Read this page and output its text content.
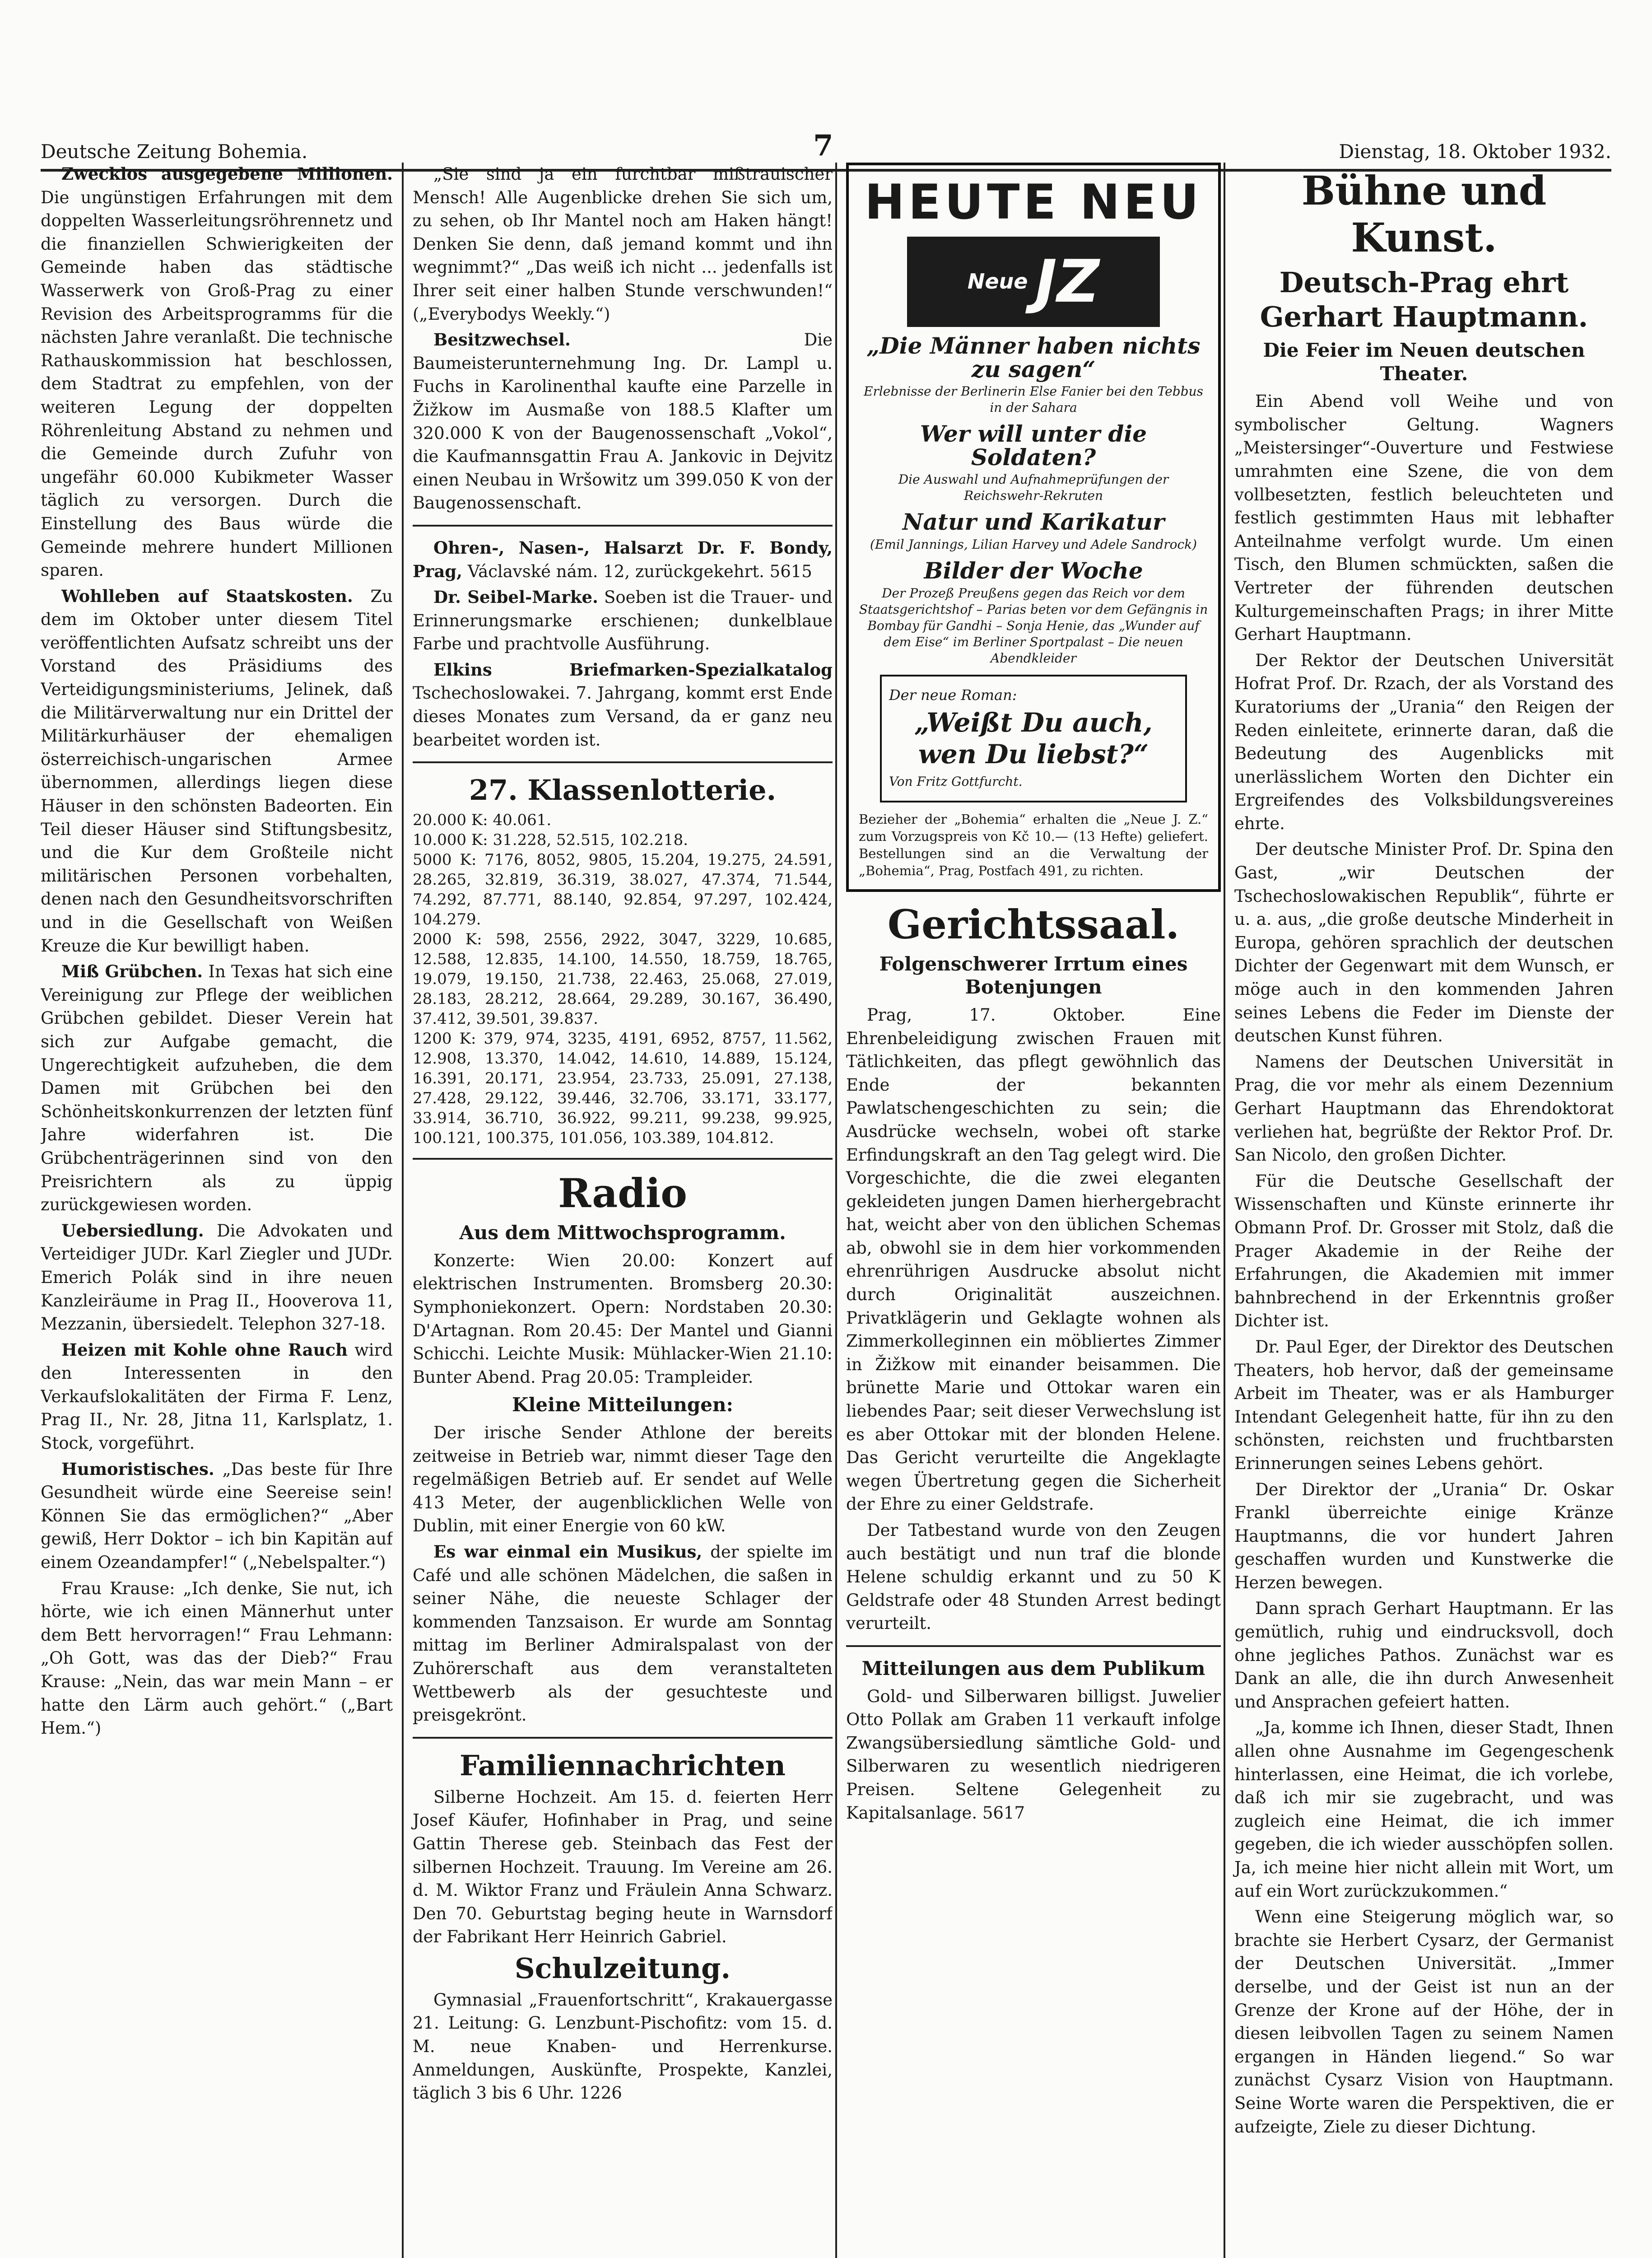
Deutsche Zeitung Bohemia.	7	Dienstag, 18. Oktober 1932.

Zwecklos ausgegebene Millionen. Die ungünstigen Erfahrungen mit dem doppelten Wasserleitungsröhrennetz und die finanziellen Schwierigkeiten der Gemeinde haben das städtische Wasserwerk von Groß-Prag zu einer Revision des Arbeitsprogramms für die nächsten Jahre veranlaßt. Die technische Rathauskommission hat beschlossen, dem Stadtrat zu empfehlen, von der weiteren Legung der doppelten Röhrenleitung Abstand zu nehmen und die Gemeinde durch Zufuhr von ungefähr 60.000 Kubikmeter Wasser täglich zu versorgen. Durch die Einstellung des Baus würde die Gemeinde mehrere hundert Millionen sparen.

Wohlleben auf Staatskosten. Zu dem im Oktober unter diesem Titel veröffentlichten Aufsatz schreibt uns der Vorstand des Präsidiums des Verteidigungsministeriums, Jelinek, daß die Militärverwaltung nur ein Drittel der Militärkurhäuser der ehemaligen österreichisch-ungarischen Armee übernommen, allerdings liegen diese Häuser in den schönsten Badeorten. Ein Teil dieser Häuser sind Stiftungsbesitz, und die Kur dem Großteile nicht militärischen Personen vorbehalten, denen nach den Gesundheitsvorschriften und in die Gesellschaft von Weißen Kreuze die Kur bewilligt haben.

Miß Grübchen. In Texas hat sich eine Vereinigung zur Pflege der weiblichen Grübchen gebildet. Dieser Verein hat sich zur Aufgabe gemacht, die Ungerechtigkeit aufzuheben, die dem Damen mit Grübchen bei den Schönheitskonkurrenzen der letzten fünf Jahre widerfahren ist. Die Grübchenträgerinnen sind von den Preisrichtern als zu üppig zurückgewiesen worden.

Uebersiedlung. Die Advokaten und Verteidiger JUDr. Karl Ziegler und JUDr. Emerich Polák sind in ihre neuen Kanzleiräume in Prag II., Hooverova 11, Mezzanin, übersiedelt. Telephon 327-18.

Heizen mit Kohle ohne Rauch wird den Interessenten in den Verkaufslokalitäten der Firma F. Lenz, Prag II., Nr. 28, Jitna 11, Karlsplatz, 1. Stock, vorgeführt.

Humoristisches. „Das beste für Ihre Gesundheit würde eine Seereise sein! Können Sie das ermöglichen?“ „Aber gewiß, Herr Doktor – ich bin Kapitän auf einem Ozeandampfer!“ („Nebelspalter.“)

Frau Krause: „Ich denke, Sie nut, ich hörte, wie ich einen Männerhut unter dem Bett hervorragen!“ Frau Lehmann: „Oh Gott, was das der Dieb?“ Frau Krause: „Nein, das war mein Mann – er hatte den Lärm auch gehört.“ („Bart Hem.“)

„Sie sind ja ein furchtbar mißtrauischer Mensch! Alle Augenblicke drehen Sie sich um, zu sehen, ob Ihr Mantel noch am Haken hängt! Denken Sie denn, daß jemand kommt und ihn wegnimmt?“ „Das weiß ich nicht ... jedenfalls ist Ihrer seit einer halben Stunde verschwunden!“ („Everybodys Weekly.“)

Besitzwechsel.	Die Baumeisterunternehmung Ing. Dr. Lampl u. Fuchs in Karolinenthal kaufte eine Parzelle in Žižkow im Ausmaße von 188.5 Klafter um 320.000 K von der Baugenossenschaft „Vokol“, die Kaufmannsgattin Frau A. Jankovic in Dejvitz einen Neubau in Wršowitz um 399.050 K von der Baugenossenschaft.

Ohren-, Nasen-, Halsarzt Dr. F. Bondy, Prag, Václavské nám. 12, zurückgekehrt. 5615

Dr. Seibel-Marke. Soeben ist die Trauer- und Erinnerungsmarke erschienen; dunkelblaue Farbe und prachtvolle Ausführung.

Elkins Briefmarken-Spezialkatalog Tschechoslowakei. 7. Jahrgang, kommt erst Ende dieses Monates zum Versand, da er ganz neu bearbeitet worden ist.

27. Klassenlotterie.
20.000 K: 40.061.
10.000 K: 31.228, 52.515, 102.218.
5000 K: 7176, 8052, 9805, 15.204, 19.275, 24.591, 28.265, 32.819, 36.319, 38.027, 47.374, 71.544, 74.292, 87.771, 88.140, 92.854, 97.297, 102.424, 104.279.
2000 K: 598, 2556, 2922, 3047, 3229, 10.685, 12.588, 12.835, 14.100, 14.550, 18.759, 18.765, 19.079, 19.150, 21.738, 22.463, 25.068, 27.019, 28.183, 28.212, 28.664, 29.289, 30.167, 36.490, 37.412, 39.501, 39.837.
1200 K: 379, 974, 3235, 4191, 6952, 8757, 11.562, 12.908, 13.370, 14.042, 14.610, 14.889, 15.124, 16.391, 20.171, 23.954, 23.733, 25.091, 27.138, 27.428, 29.122, 39.446, 32.706, 33.171, 33.177, 33.914, 36.710, 36.922, 99.211, 99.238, 99.925, 100.121, 100.375, 101.056, 103.389, 104.812.
Radio
Aus dem Mittwochsprogramm.

Konzerte: Wien 20.00: Konzert auf elektrischen Instrumenten. Bromsberg 20.30: Symphoniekonzert. Opern: Nordstaben 20.30: D'Artagnan. Rom 20.45: Der Mantel und Gianni Schicchi. Leichte Musik: Mühlacker-Wien 21.10: Bunter Abend. Prag 20.05: Trampleider.

Kleine Mitteilungen:

Der irische Sender Athlone der bereits zeitweise in Betrieb war, nimmt dieser Tage den regelmäßigen Betrieb auf. Er sendet auf Welle 413 Meter, der augenblicklichen Welle von Dublin, mit einer Energie von 60 kW.

Es war einmal ein Musikus, der spielte im Café und alle schönen Mädelchen, die saßen in seiner Nähe, die neueste Schlager der kommenden Tanzsaison. Er wurde am Sonntag mittag im Berliner Admiralspalast von der Zuhörerschaft aus dem veranstalteten Wettbewerb als der gesuchteste und preisgekrönt.

Familiennachrichten

Silberne Hochzeit. Am 15. d. feierten Herr Josef Käufer, Hofinhaber in Prag, und seine Gattin Therese geb. Steinbach das Fest der silbernen Hochzeit. Trauung. Im Vereine am 26. d. M. Wiktor Franz und Fräulein Anna Schwarz. Den 70. Geburtstag beging heute in Warnsdorf der Fabrikant Herr Heinrich Gabriel.

Schulzeitung.

Gymnasial „Frauenfortschritt“, Krakauergasse 21. Leitung: G. Lenzbunt-Pischofitz: vom 15. d. M. neue Knaben- und Herrenkurse. Anmeldungen, Auskünfte, Prospekte, Kanzlei, täglich 3 bis 6 Uhr. 1226

HEUTE NEU
Neue JZ
„Die Männer haben nichts zu sagen“
Erlebnisse der Berlinerin Else Fanier bei den Tebbus in der Sahara
Wer will unter die Soldaten?
Die Auswahl und Aufnahmeprüfungen der Reichswehr-Rekruten
Natur und Karikatur
(Emil Jannings, Lilian Harvey und Adele Sandrock)
Bilder der Woche
Der Prozeß Preußens gegen das Reich vor dem Staatsgerichtshof – Parias beten vor dem Gefängnis in Bombay für Gandhi – Sonja Henie, das „Wunder auf dem Eise“ im Berliner Sportpalast – Die neuen Abendkleider
Der neue Roman:
„Weißt Du auch, wen Du liebst?“
Von Fritz Gottfurcht.
Bezieher der „Bohemia“ erhalten die „Neue J. Z.“ zum Vorzugspreis von Kč 10.— (13 Hefte) geliefert. Bestellungen sind an die Verwaltung der „Bohemia“, Prag, Postfach 491, zu richten.
Gerichtssaal.
Folgenschwerer Irrtum eines Botenjungen

Prag, 17. Oktober. Eine Ehrenbeleidigung zwischen Frauen mit Tätlichkeiten, das pflegt gewöhnlich das Ende der bekannten Pawlatschengeschichten zu sein; die Ausdrücke wechseln, wobei oft starke Erfindungskraft an den Tag gelegt wird. Die Vorgeschichte, die die zwei eleganten gekleideten jungen Damen hierhergebracht hat, weicht aber von den üblichen Schemas ab, obwohl sie in dem hier vorkommenden ehrenrührigen Ausdrucke absolut nicht durch Originalität auszeichnen. Privatklägerin und Geklagte wohnen als Zimmerkolleginnen ein möbliertes Zimmer in Žižkow mit einander beisammen. Die brünette Marie und Ottokar waren ein liebendes Paar; seit dieser Verwechslung ist es aber Ottokar mit der blonden Helene. Das Gericht verurteilte die Angeklagte wegen Übertretung gegen die Sicherheit der Ehre zu einer Geldstrafe.

Der Tatbestand wurde von den Zeugen auch bestätigt und nun traf die blonde Helene schuldig erkannt und zu 50 K Geldstrafe oder 48 Stunden Arrest bedingt verurteilt.

Mitteilungen aus dem Publikum

Gold- und Silberwaren billigst. Juwelier Otto Pollak am Graben 11 verkauft infolge Zwangsübersiedlung sämtliche Gold- und Silberwaren zu wesentlich niedrigeren Preisen. Seltene Gelegenheit zu Kapitalsanlage. 5617

Bühne und Kunst.
Deutsch-Prag ehrt Gerhart Hauptmann.
Die Feier im Neuen deutschen Theater.

Ein Abend voll Weihe und von symbolischer Geltung. Wagners „Meistersinger“-Ouverture und Festwiese umrahmten eine Szene, die von dem vollbesetzten, festlich beleuchteten und festlich gestimmten Haus mit lebhafter Anteilnahme verfolgt wurde. Um einen Tisch, den Blumen schmückten, saßen die Vertreter der führenden deutschen Kulturgemeinschaften Prags; in ihrer Mitte Gerhart Hauptmann.

Der Rektor der Deutschen Universität Hofrat Prof. Dr. Rzach, der als Vorstand des Kuratoriums der „Urania“ den Reigen der Reden einleitete, erinnerte daran, daß die Bedeutung des Augenblicks mit unerlässlichem Worten den Dichter ein Ergreifendes des Volksbildungsvereines ehrte.

Der deutsche Minister Prof. Dr. Spina den Gast, „wir Deutschen der Tschechoslowakischen Republik“, führte er u. a. aus, „die große deutsche Minderheit in Europa, gehören sprachlich der deutschen Dichter der Gegenwart mit dem Wunsch, er möge auch in den kommenden Jahren seines Lebens die Feder im Dienste der deutschen Kunst führen.

Namens der Deutschen Universität in Prag, die vor mehr als einem Dezennium Gerhart Hauptmann das Ehrendoktorat verliehen hat, begrüßte der Rektor Prof. Dr. San Nicolo, den großen Dichter.

Für die Deutsche Gesellschaft der Wissenschaften und Künste erinnerte ihr Obmann Prof. Dr. Grosser mit Stolz, daß die Prager Akademie in der Reihe der Erfahrungen, die Akademien mit immer bahnbrechend in der Erkenntnis großer Dichter ist.

Dr. Paul Eger, der Direktor des Deutschen Theaters, hob hervor, daß der gemeinsame Arbeit im Theater, was er als Hamburger Intendant Gelegenheit hatte, für ihn zu den schönsten, reichsten und fruchtbarsten Erinnerungen seines Lebens gehört.

Der Direktor der „Urania“ Dr. Oskar Frankl überreichte einige Kränze Hauptmanns, die vor hundert Jahren geschaffen wurden und Kunstwerke die Herzen bewegen.

Dann sprach Gerhart Hauptmann. Er las gemütlich, ruhig und eindrucksvoll, doch ohne jegliches Pathos. Zunächst war es Dank an alle, die ihn durch Anwesenheit und Ansprachen gefeiert hatten.

„Ja, komme ich Ihnen, dieser Stadt, Ihnen allen ohne Ausnahme im Gegengeschenk hinterlassen, eine Heimat, die ich vorlebe, daß ich mir sie zugebracht, und was zugleich eine Heimat, die ich immer gegeben, die ich wieder ausschöpfen sollen. Ja, ich meine hier nicht allein mit Wort, um auf ein Wort zurückzukommen.“

Wenn eine Steigerung möglich war, so brachte sie Herbert Cysarz, der Germanist der Deutschen Universität. „Immer derselbe, und der Geist ist nun an der Grenze der Krone auf der Höhe, der in diesen leibvollen Tagen zu seinem Namen ergangen in Händen liegend.“ So war zunächst Cysarz Vision von Hauptmann. Seine Worte waren die Perspektiven, die er aufzeigte, Ziele zu dieser Dichtung.
